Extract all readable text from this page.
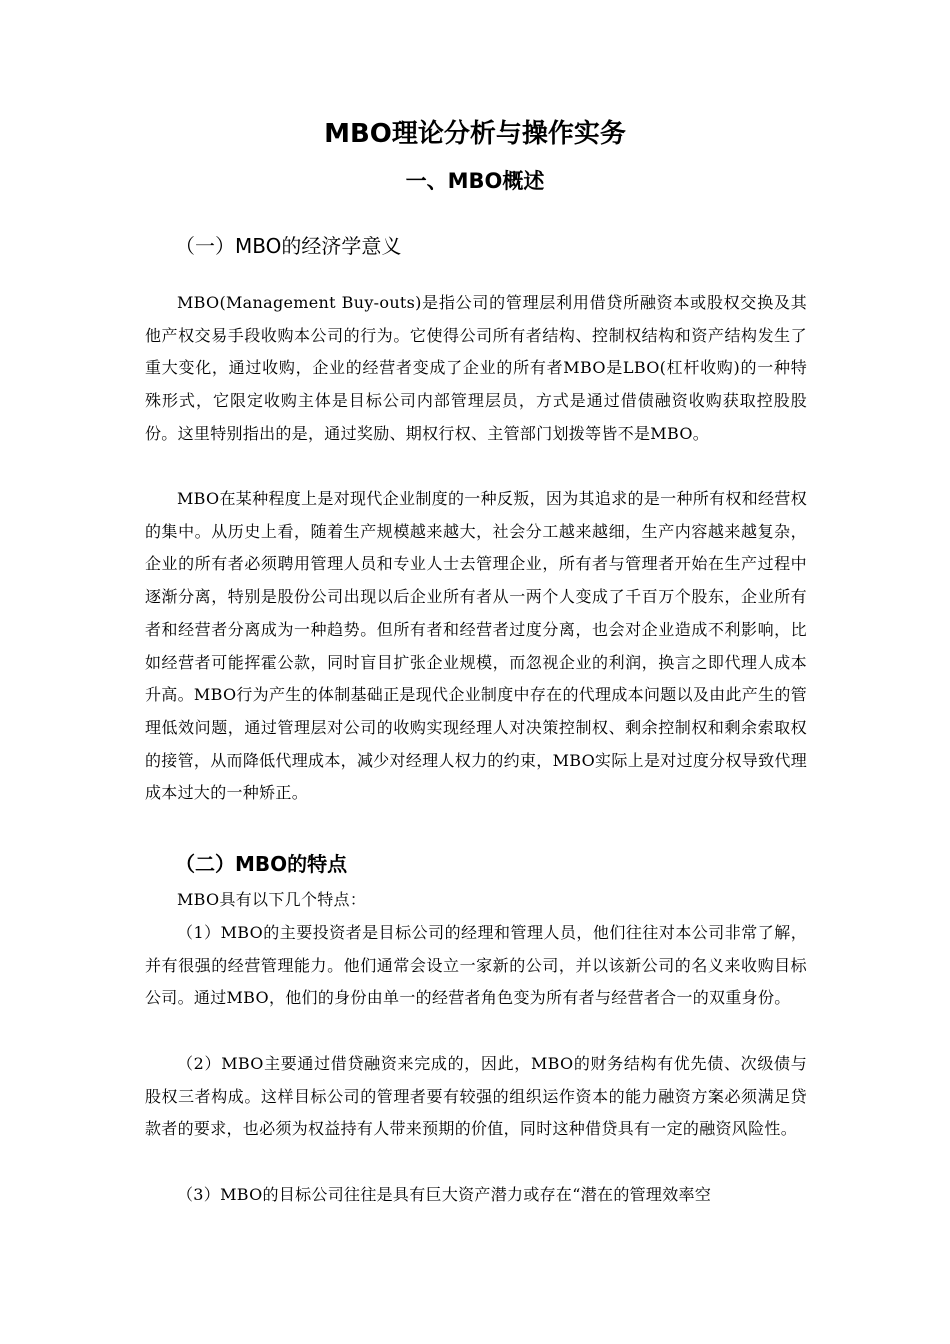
MBO理论分析与操作实务
一、MBO概述
（一）MBO的经济学意义

MBO(Management Buy-outs)是指公司的管理层利用借贷所融资本或股权交换及其他产权交易手段收购本公司的行为。它使得公司所有者结构、控制权结构和资产结构发生了重大变化，通过收购，企业的经营者变成了企业的所有者MBO是LBO(杠杆收购)的一种特殊形式，它限定收购主体是目标公司内部管理层员，方式是通过借债融资收购获取控股股份。这里特别指出的是，通过奖励、期权行权、主管部门划拨等皆不是MBO。

MBO在某种程度上是对现代企业制度的一种反叛，因为其追求的是一种所有权和经营权的集中。从历史上看，随着生产规模越来越大，社会分工越来越细，生产内容越来越复杂，企业的所有者必须聘用管理人员和专业人士去管理企业，所有者与管理者开始在生产过程中逐渐分离，特别是股份公司出现以后企业所有者从一两个人变成了千百万个股东，企业所有者和经营者分离成为一种趋势。但所有者和经营者过度分离，也会对企业造成不利影响，比如经营者可能挥霍公款，同时盲目扩张企业规模，而忽视企业的利润，换言之即代理人成本升高。MBO行为产生的体制基础正是现代企业制度中存在的代理成本问题以及由此产生的管理低效问题，通过管理层对公司的收购实现经理人对决策控制权、剩余控制权和剩余索取权的接管，从而降低代理成本，减少对经理人权力的约束，MBO实际上是对过度分权导致代理成本过大的一种矫正。

（二）MBO的特点

MBO具有以下几个特点：

（1）MBO的主要投资者是目标公司的经理和管理人员，他们往往对本公司非常了解，并有很强的经营管理能力。他们通常会设立一家新的公司，并以该新公司的名义来收购目标公司。通过MBO，他们的身份由单一的经营者角色变为所有者与经营者合一的双重身份。

（2）MBO主要通过借贷融资来完成的，因此，MBO的财务结构有优先债、次级债与股权三者构成。这样目标公司的管理者要有较强的组织运作资本的能力融资方案必须满足贷款者的要求，也必须为权益持有人带来预期的价值，同时这种借贷具有一定的融资风险性。

（3）MBO的目标公司往往是具有巨大资产潜力或存在“潜在的管理效率空
